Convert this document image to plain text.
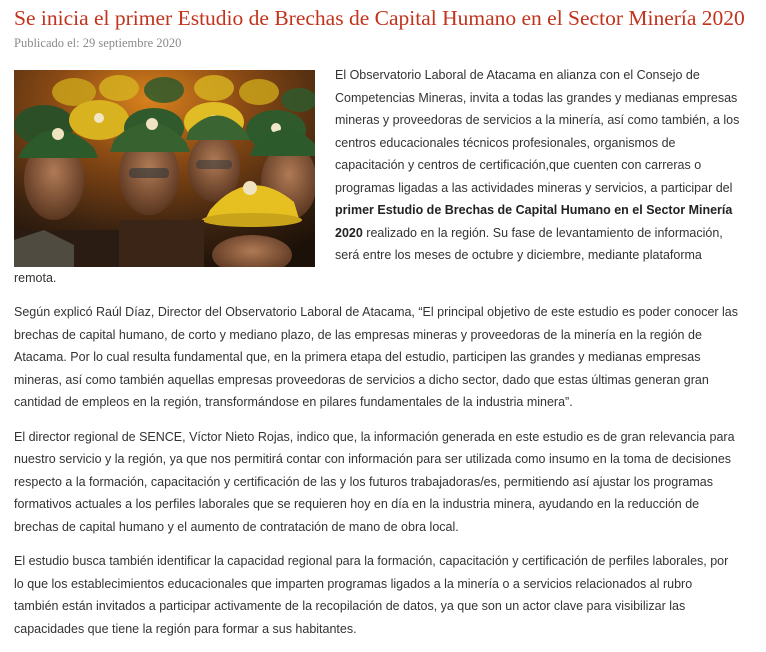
Se inicia el primer Estudio de Brechas de Capital Humano en el Sector Minería 2020
Publicado el: 29 septiembre 2020

El Observatorio Laboral de Atacama en alianza con el Consejo de Competencias Mineras, invita a todas las grandes y medianas empresas mineras y proveedoras de servicios a la minería, así como también, a los centros educacionales técnicos profesionales, organismos de capacitación y centros de certificación,que cuenten con carreras o programas ligadas a las actividades mineras y servicios, a participar del primer Estudio de Brechas de Capital Humano en el Sector Minería 2020 realizado en la región. Su fase de levantamiento de información, será entre los meses de octubre y diciembre, mediante plataforma remota.

Según explicó Raúl Díaz, Director del Observatorio Laboral de Atacama, “El principal objetivo de este estudio es poder conocer las brechas de capital humano, de corto y mediano plazo, de las empresas mineras y proveedoras de la minería en la región de Atacama. Por lo cual resulta fundamental que, en la primera etapa del estudio, participen las grandes y medianas empresas mineras, así como también aquellas empresas proveedoras de servicios a dicho sector, dado que estas últimas generan gran cantidad de empleos en la región, transformándose en pilares fundamentales de la industria minera”.

El director regional de SENCE, Víctor Nieto Rojas, indico que, la información generada en este estudio es de gran relevancia para nuestro servicio y la región, ya que nos permitirá contar con información para ser utilizada como insumo en la toma de decisiones respecto a la formación, capacitación y certificación de las y los futuros trabajadoras/es, permitiendo así ajustar los programas formativos actuales a los perfiles laborales que se requieren hoy en día en la industria minera, ayudando en la reducción de brechas de capital humano y el aumento de contratación de mano de obra local.

El estudio busca también identificar la capacidad regional para la formación, capacitación y certificación de perfiles laborales, por lo que los establecimientos educacionales que imparten programas ligados a la minería o a servicios relacionados al rubro también están invitados a participar activamente de la recopilación de datos, ya que son un actor clave para visibilizar las capacidades que tiene la región para formar a sus habitantes.
